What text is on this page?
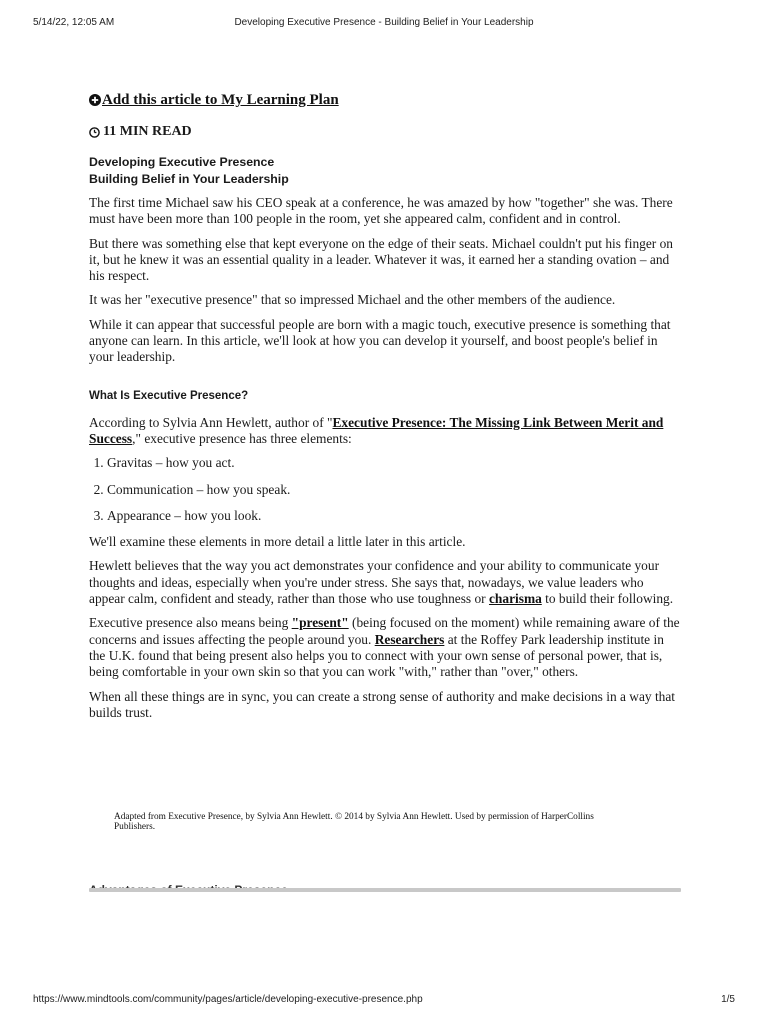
5/14/22, 12:05 AM	Developing Executive Presence - Building Belief in Your Leadership
Add this article to My Learning Plan
11 MIN READ
Developing Executive Presence
Building Belief in Your Leadership

The first time Michael saw his CEO speak at a conference, he was amazed by how "together" she was. There must have been more than 100 people in the room, yet she appeared calm, confident and in control.

But there was something else that kept everyone on the edge of their seats. Michael couldn't put his finger on it, but he knew it was an essential quality in a leader. Whatever it was, it earned her a standing ovation – and his respect.

It was her "executive presence" that so impressed Michael and the other members of the audience.

While it can appear that successful people are born with a magic touch, executive presence is something that anyone can learn. In this article, we'll look at how you can develop it yourself, and boost people's belief in your leadership.

What Is Executive Presence?

According to Sylvia Ann Hewlett, author of "Executive Presence: The Missing Link Between Merit and Success," executive presence has three elements:

1. Gravitas – how you act.
2. Communication – how you speak.
3. Appearance – how you look.

We'll examine these elements in more detail a little later in this article.

Hewlett believes that the way you act demonstrates your confidence and your ability to communicate your thoughts and ideas, especially when you're under stress. She says that, nowadays, we value leaders who appear calm, confident and steady, rather than those who use toughness or charisma to build their following.

Executive presence also means being "present" (being focused on the moment) while remaining aware of the concerns and issues affecting the people around you. Researchers at the Roffey Park leadership institute in the U.K. found that being present also helps you to connect with your own sense of personal power, that is, being comfortable in your own skin so that you can work "with," rather than "over," others.

When all these things are in sync, you can create a strong sense of authority and make decisions in a way that builds trust.

Adapted from Executive Presence, by Sylvia Ann Hewlett. © 2014 by Sylvia Ann Hewlett. Used by permission of HarperCollins Publishers.
https://www.mindtools.com/community/pages/article/developing-executive-presence.php	1/5
